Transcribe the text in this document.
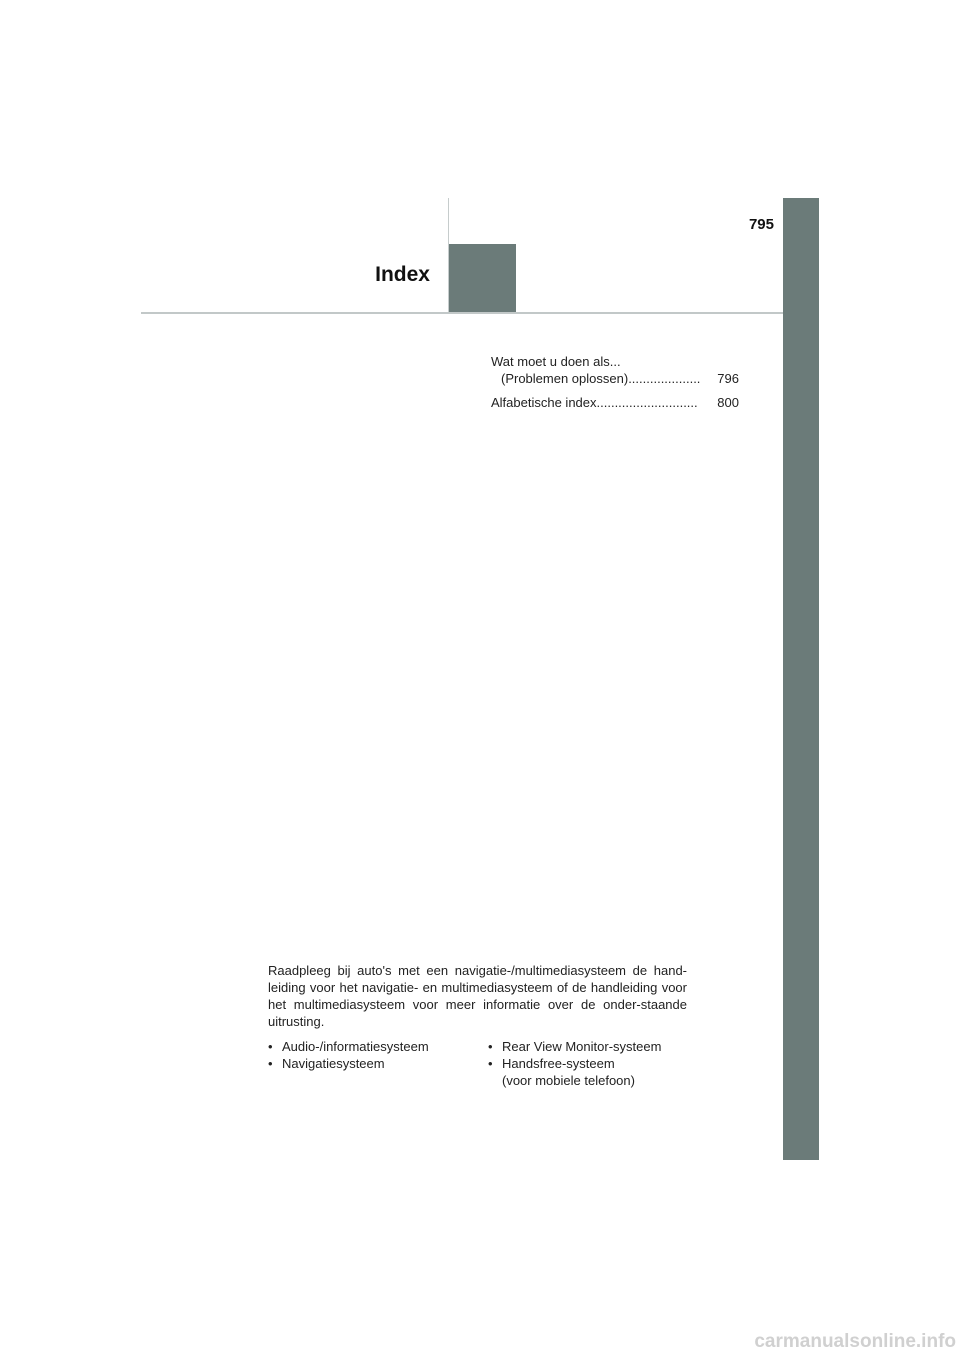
795
Index
Wat moet u doen als...
(Problemen oplossen) ....................	796
Alfabetische index ............................	800
Raadpleeg bij auto's met een navigatie-/multimediasysteem de hand-leiding voor het navigatie- en multimediasysteem of de handleiding voor het multimediasysteem voor meer informatie over de onder-staande uitrusting.
• Audio-/informatiesysteem
• Navigatiesysteem
• Rear View Monitor-systeem
• Handsfree-systeem
(voor mobiele telefoon)
carmanualsonline.info
